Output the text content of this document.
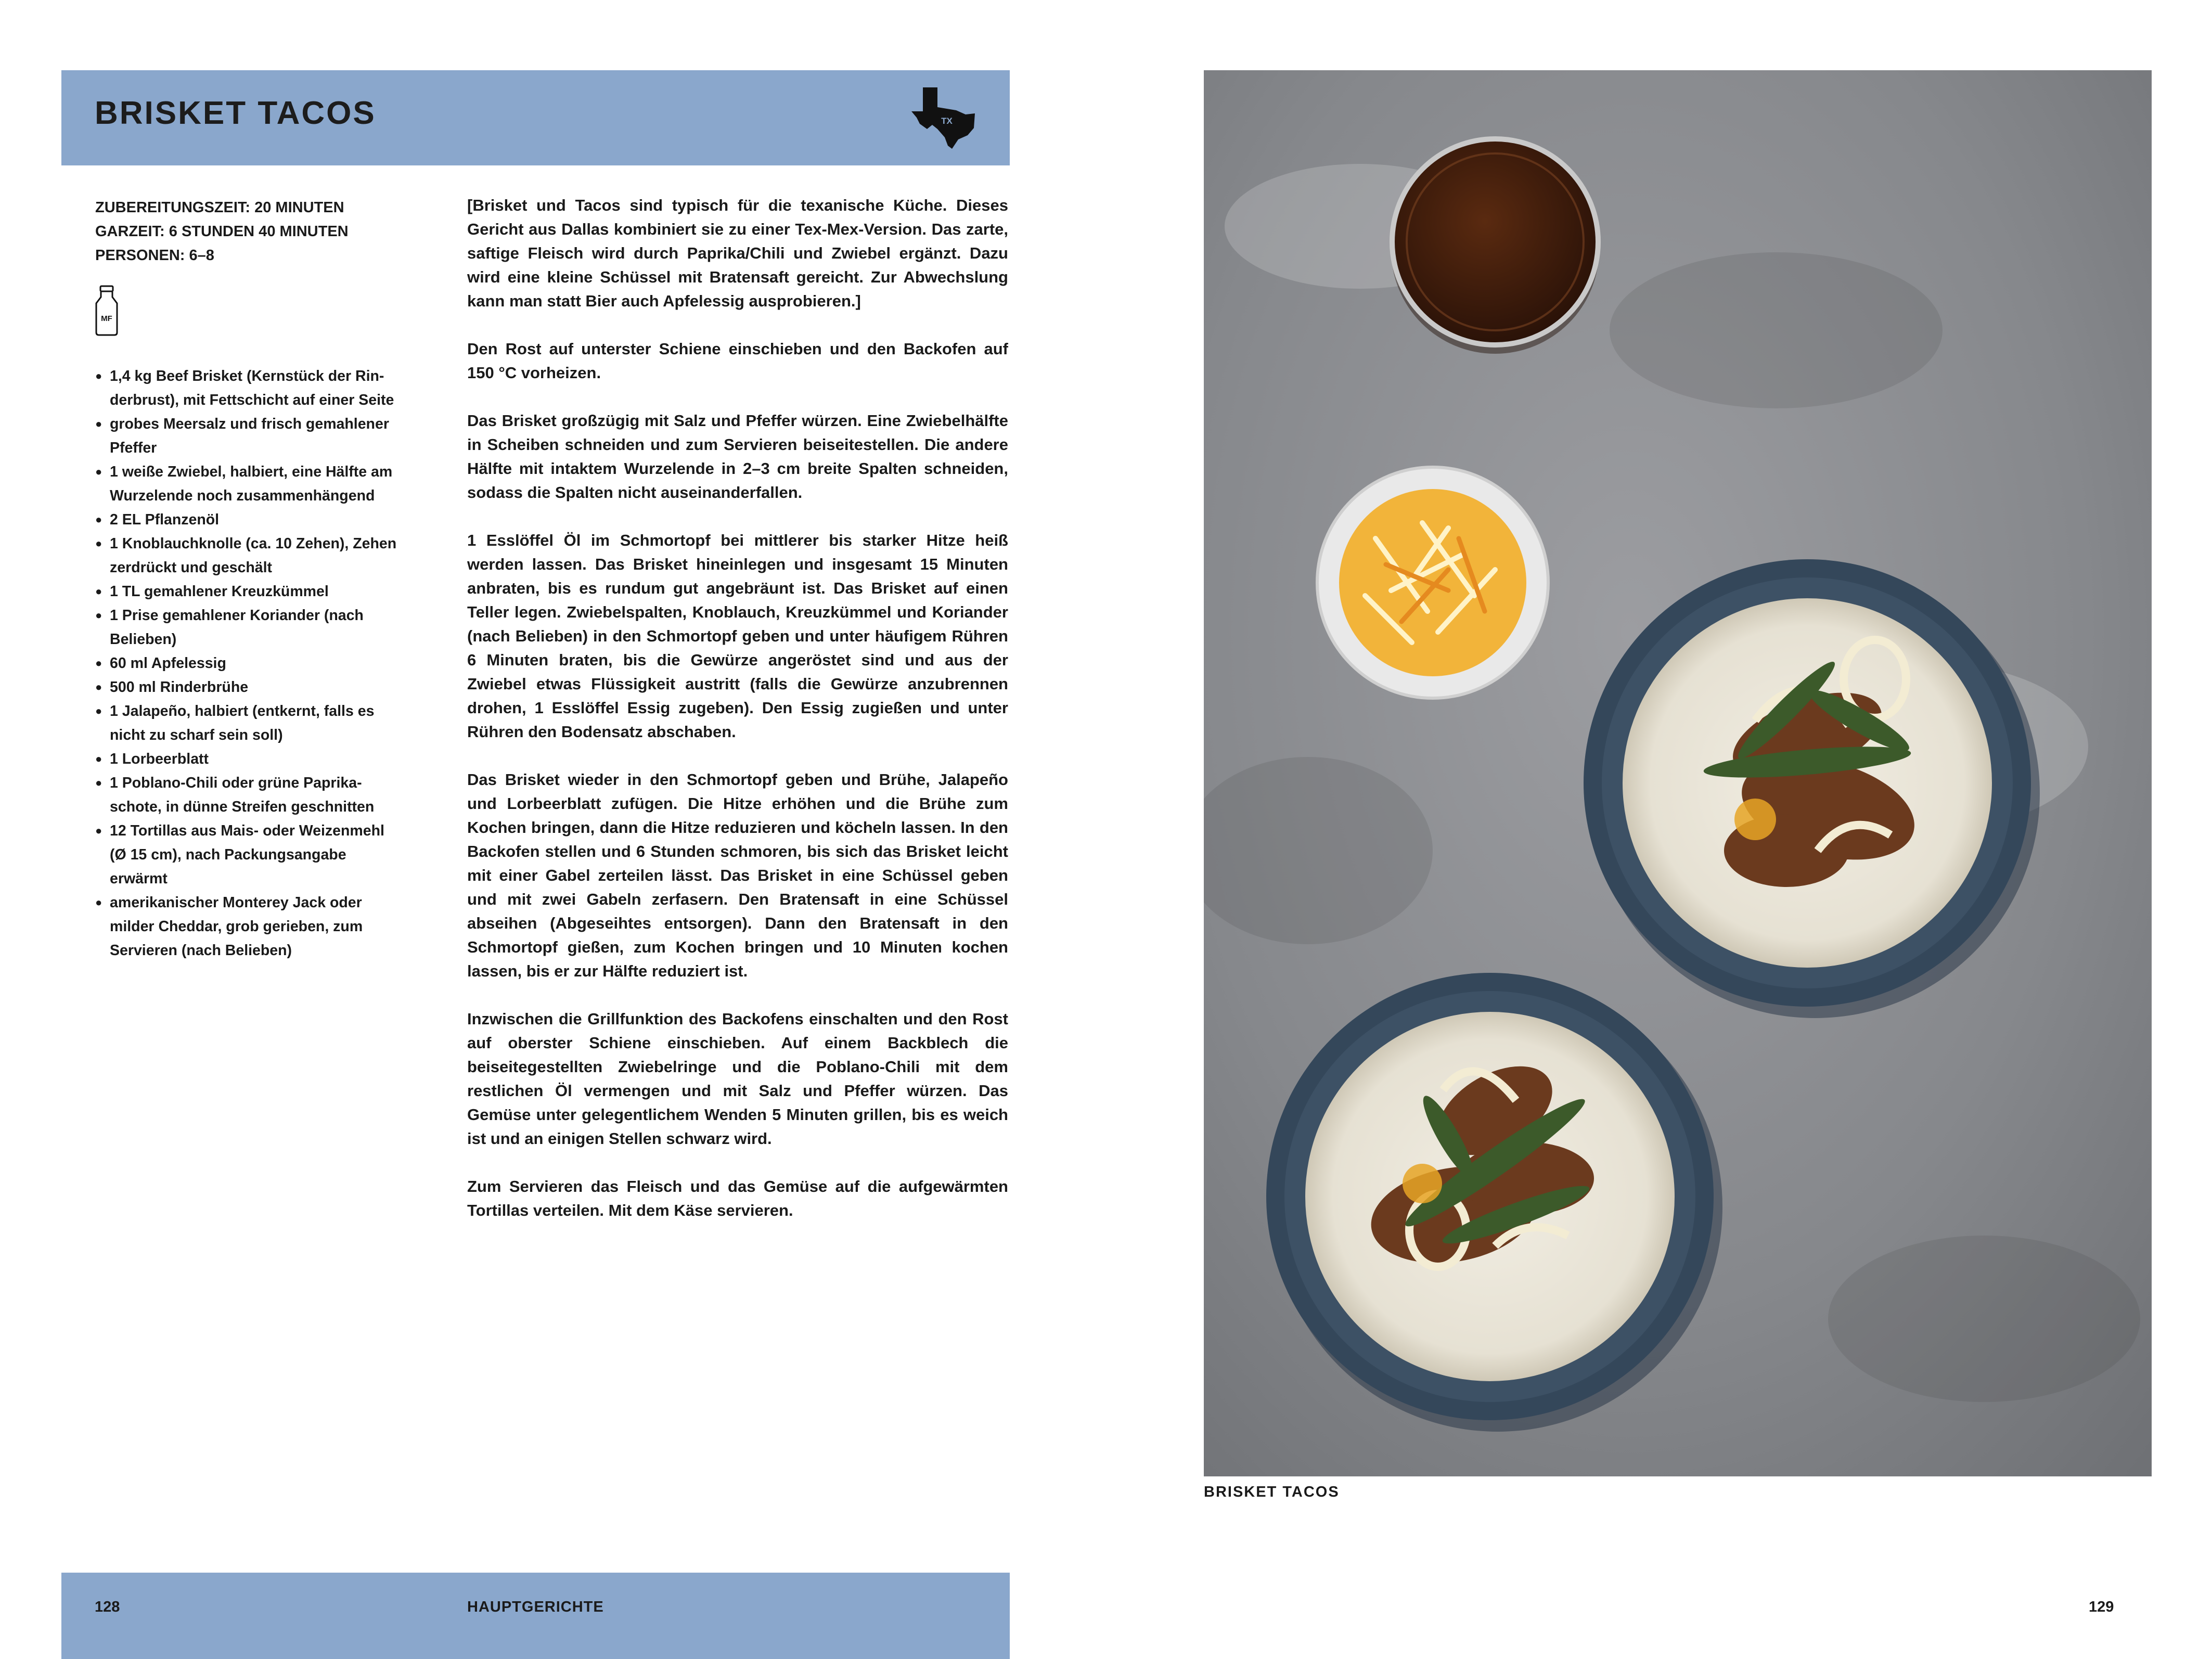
BRISKET TACOS	TX
ZUBEREITUNGSZEIT: 20 MINUTEN
GARZEIT: 6 STUNDEN 40 MINUTEN
PERSONEN: 6–8
MF
● 1,4 kg Beef Brisket (Kernstück der Rin-
derbrust), mit Fettschicht auf einer Seite
● grobes Meersalz und frisch gemahlener
Pfeffer
● 1 weiße Zwiebel, halbiert, eine Hälfte am
Wurzelende noch zusammenhängend
● 2 EL Pflanzenöl
● 1 Knoblauchknolle (ca. 10 Zehen), Zehen
zerdrückt und geschält
● 1 TL gemahlener Kreuzkümmel
● 1 Prise gemahlener Koriander (nach
Belieben)
● 60 ml Apfelessig
● 500 ml Rinderbrühe
● 1 Jalapeño, halbiert (entkernt, falls es
nicht zu scharf sein soll)
● 1 Lorbeerblatt
● 1 Poblano-Chili oder grüne Paprika-
schote, in dünne Streifen geschnitten
● 12 Tortillas aus Mais- oder Weizenmehl
(Ø 15 cm), nach Packungsangabe
erwärmt
● amerikanischer Monterey Jack oder
milder Cheddar, grob gerieben, zum
Servieren (nach Belieben)

[Brisket und Tacos sind typisch für die texanische Küche. Dieses Gericht aus Dallas kombiniert sie zu einer Tex-Mex-Version. Das zarte, saftige Fleisch wird durch Paprika/Chili und Zwiebel ergänzt. Dazu wird eine kleine Schüssel mit Bratensaft gereicht. Zur Abwechslung kann man statt Bier auch Apfelessig ausprobieren.]

Den Rost auf unterster Schiene einschieben und den Backofen auf 150 °C vorheizen.

Das Brisket großzügig mit Salz und Pfeffer würzen. Eine Zwiebelhälfte in Scheiben schneiden und zum Servieren beiseitestellen. Die andere Hälfte mit intaktem Wurzelende in 2–3 cm breite Spalten schneiden, sodass die Spalten nicht auseinanderfallen.

1 Esslöffel Öl im Schmortopf bei mittlerer bis starker Hitze heiß werden lassen. Das Brisket hineinlegen und insgesamt 15 Minuten anbraten, bis es rundum gut angebräunt ist. Das Brisket auf einen Teller legen. Zwiebelspalten, Knoblauch, Kreuzkümmel und Koriander (nach Belieben) in den Schmortopf geben und unter häufigem Rühren 6 Minuten braten, bis die Gewürze angeröstet sind und aus der Zwiebel etwas Flüssigkeit austritt (falls die Gewürze anzubrennen drohen, 1 Esslöffel Essig zugeben). Den Essig zugießen und unter Rühren den Bodensatz abschaben.

Das Brisket wieder in den Schmortopf geben und Brühe, Jalapeño und Lorbeerblatt zufügen. Die Hitze erhöhen und die Brühe zum Kochen bringen, dann die Hitze reduzieren und köcheln lassen. In den Backofen stellen und 6 Stunden schmoren, bis sich das Brisket leicht mit einer Gabel zerteilen lässt. Das Brisket in eine Schüssel geben und mit zwei Gabeln zerfasern. Den Bratensaft in eine Schüssel abseihen (Abgeseihtes entsorgen). Dann den Bratensaft in den Schmortopf gießen, zum Kochen bringen und 10 Minuten kochen lassen, bis er zur Hälfte reduziert ist.

Inzwischen die Grillfunktion des Backofens einschalten und den Rost auf oberster Schiene einschieben. Auf einem Backblech die beiseitegestellten Zwiebelringe und die Poblano-Chili mit dem restlichen Öl vermengen und mit Salz und Pfeffer würzen. Das Gemüse unter gelegentlichem Wenden 5 Minuten grillen, bis es weich ist und an einigen Stellen schwarz wird.

Zum Servieren das Fleisch und das Gemüse auf die aufgewärmten Tortillas verteilen. Mit dem Käse servieren.

BRISKET TACOS
128	HAUPTGERICHTE	129
